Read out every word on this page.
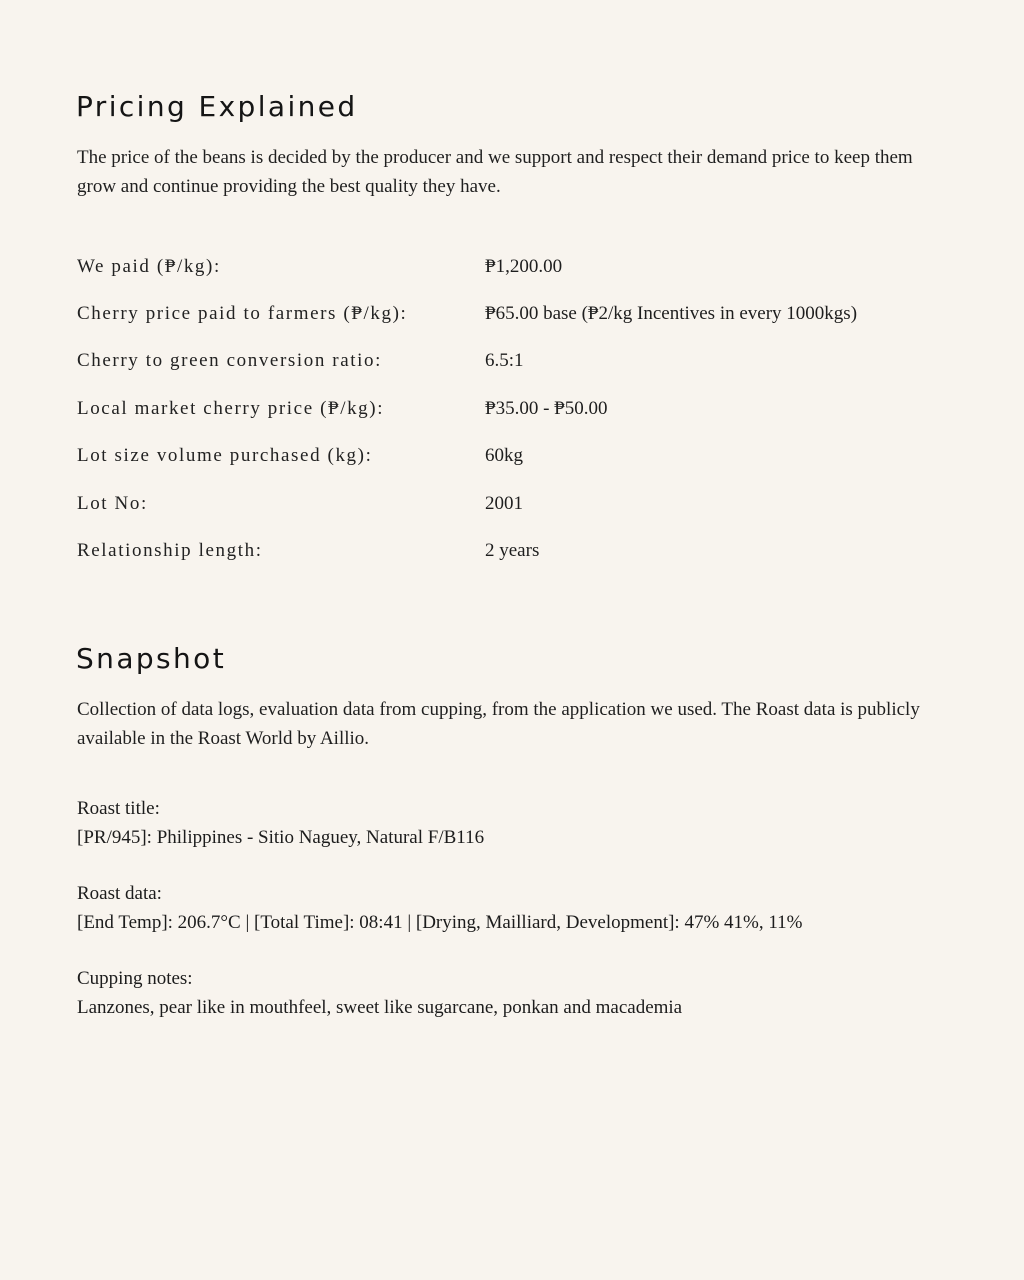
Pricing Explained

The price of the beans is decided by the producer and we support and respect their demand price to keep them grow and continue providing the best quality they have.

We paid (₱/kg):	₱1,200.00
Cherry price paid to farmers (₱/kg):	₱65.00 base (₱2/kg Incentives in every 1000kgs)
Cherry to green conversion ratio:	6.5:1
Local market cherry price (₱/kg):	₱35.00 - ₱50.00
Lot size volume purchased (kg):	60kg
Lot No:	2001
Relationship length:	2 years
Snapshot

Collection of data logs, evaluation data from cupping, from the application we used. The Roast data is publicly available in the Roast World by Aillio.

Roast title:
[PR/945]: Philippines - Sitio Naguey, Natural F/B116

Roast data:
[End Temp]: 206.7°C | [Total Time]: 08:41 | [Drying, Mailliard, Development]: 47% 41%, 11%

Cupping notes:
Lanzones, pear like in mouthfeel, sweet like sugarcane, ponkan and macademia
